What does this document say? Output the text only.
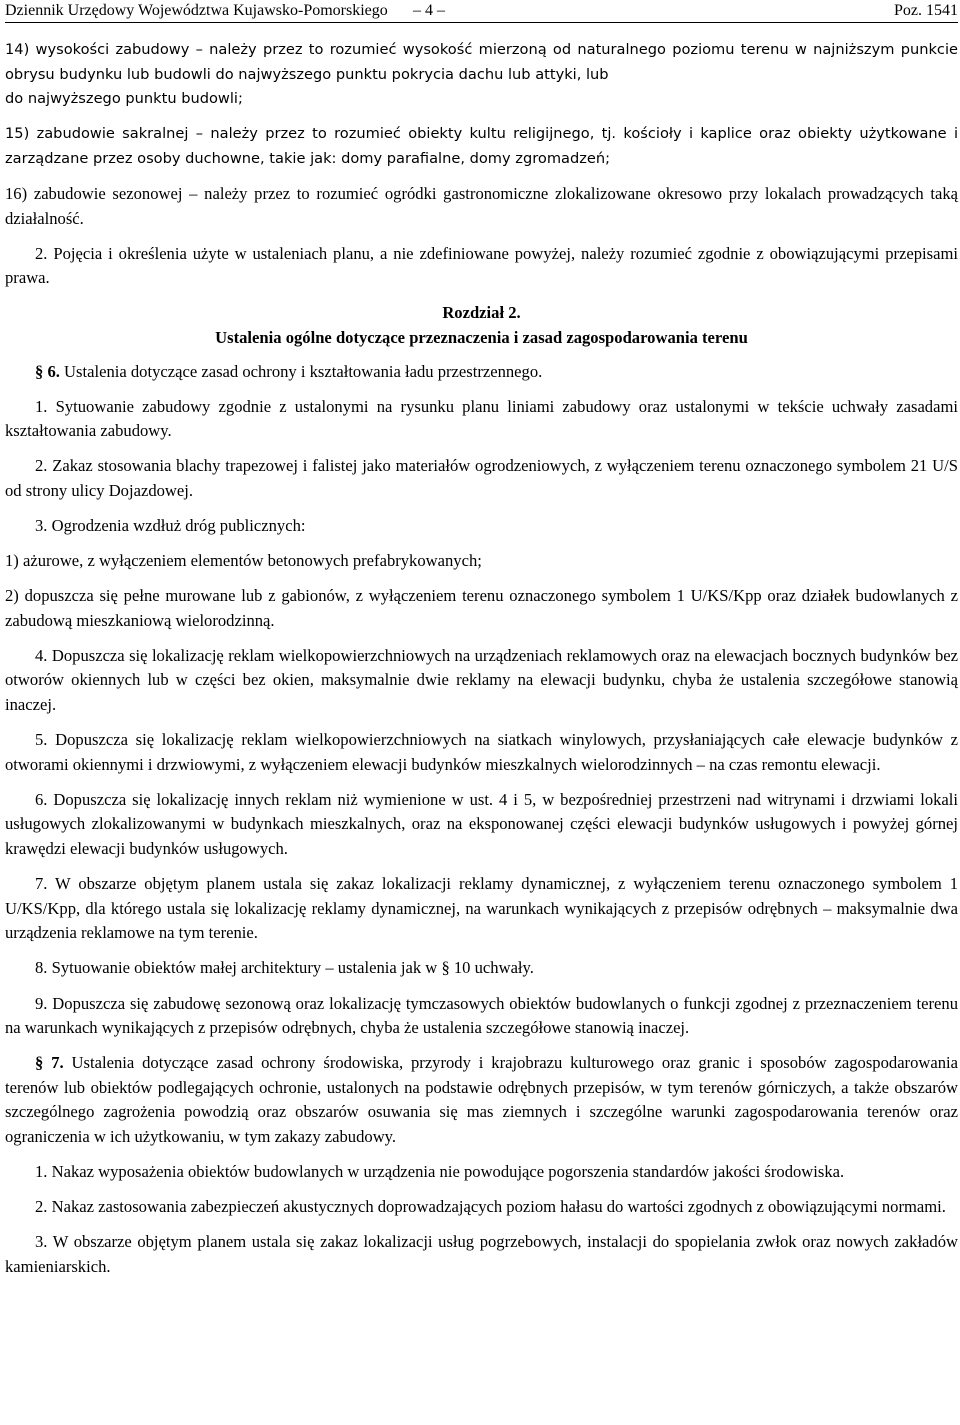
Dziennik Urzędowy Województwa Kujawsko-Pomorskiego – 4 –	Poz. 1541

14) wysokości zabudowy – należy przez to rozumieć wysokość mierzoną od naturalnego poziomu terenu w najniższym punkcie obrysu budynku lub budowli do najwyższego punktu pokrycia dachu lub attyki, lub
do najwyższego punktu budowli;

15) zabudowie sakralnej – należy przez to rozumieć obiekty kultu religijnego, tj. kościoły i kaplice oraz obiekty użytkowane i zarządzane przez osoby duchowne, takie jak: domy parafialne, domy zgromadzeń;

16) zabudowie sezonowej – należy przez to rozumieć ogródki gastronomiczne zlokalizowane okresowo przy lokalach prowadzących taką działalność.

2. Pojęcia i określenia użyte w ustaleniach planu, a nie zdefiniowane powyżej, należy rozumieć zgodnie z obowiązującymi przepisami prawa.

Rozdział 2.

Ustalenia ogólne dotyczące przeznaczenia i zasad zagospodarowania terenu

§ 6. Ustalenia dotyczące zasad ochrony i kształtowania ładu przestrzennego.

1. Sytuowanie zabudowy zgodnie z ustalonymi na rysunku planu liniami zabudowy oraz ustalonymi w tekście uchwały zasadami kształtowania zabudowy.

2. Zakaz stosowania blachy trapezowej i falistej jako materiałów ogrodzeniowych, z wyłączeniem terenu oznaczonego symbolem 21 U/S od strony ulicy Dojazdowej.

3. Ogrodzenia wzdłuż dróg publicznych:

1) ażurowe, z wyłączeniem elementów betonowych prefabrykowanych;

2) dopuszcza się pełne murowane lub z gabionów, z wyłączeniem terenu oznaczonego symbolem 1 U/KS/Kpp oraz działek budowlanych z zabudową mieszkaniową wielorodzinną.

4. Dopuszcza się lokalizację reklam wielkopowierzchniowych na urządzeniach reklamowych oraz na elewacjach bocznych budynków bez otworów okiennych lub w części bez okien, maksymalnie dwie reklamy na elewacji budynku, chyba że ustalenia szczegółowe stanowią inaczej.

5. Dopuszcza się lokalizację reklam wielkopowierzchniowych na siatkach winylowych, przysłaniających całe elewacje budynków z otworami okiennymi i drzwiowymi, z wyłączeniem elewacji budynków mieszkalnych wielorodzinnych – na czas remontu elewacji.

6. Dopuszcza się lokalizację innych reklam niż wymienione w ust. 4 i 5, w bezpośredniej przestrzeni nad witrynami i drzwiami lokali usługowych zlokalizowanymi w budynkach mieszkalnych, oraz na eksponowanej części elewacji budynków usługowych i powyżej górnej krawędzi elewacji budynków usługowych.

7. W obszarze objętym planem ustala się zakaz lokalizacji reklamy dynamicznej, z wyłączeniem terenu oznaczonego symbolem 1 U/KS/Kpp, dla którego ustala się lokalizację reklamy dynamicznej, na warunkach wynikających z przepisów odrębnych – maksymalnie dwa urządzenia reklamowe na tym terenie.

8. Sytuowanie obiektów małej architektury – ustalenia jak w § 10 uchwały.

9. Dopuszcza się zabudowę sezonową oraz lokalizację tymczasowych obiektów budowlanych o funkcji zgodnej z przeznaczeniem terenu na warunkach wynikających z przepisów odrębnych, chyba że ustalenia szczegółowe stanowią inaczej.

§ 7. Ustalenia dotyczące zasad ochrony środowiska, przyrody i krajobrazu kulturowego oraz granic i sposobów zagospodarowania terenów lub obiektów podlegających ochronie, ustalonych na podstawie odrębnych przepisów, w tym terenów górniczych, a także obszarów szczególnego zagrożenia powodzią oraz obszarów osuwania się mas ziemnych i szczególne warunki zagospodarowania terenów oraz ograniczenia w ich użytkowaniu, w tym zakazy zabudowy.

1. Nakaz wyposażenia obiektów budowlanych w urządzenia nie powodujące pogorszenia standardów jakości środowiska.

2. Nakaz zastosowania zabezpieczeń akustycznych doprowadzających poziom hałasu do wartości zgodnych z obowiązującymi normami.

3. W obszarze objętym planem ustala się zakaz lokalizacji usług pogrzebowych, instalacji do spopielania zwłok oraz nowych zakładów kamieniarskich.
